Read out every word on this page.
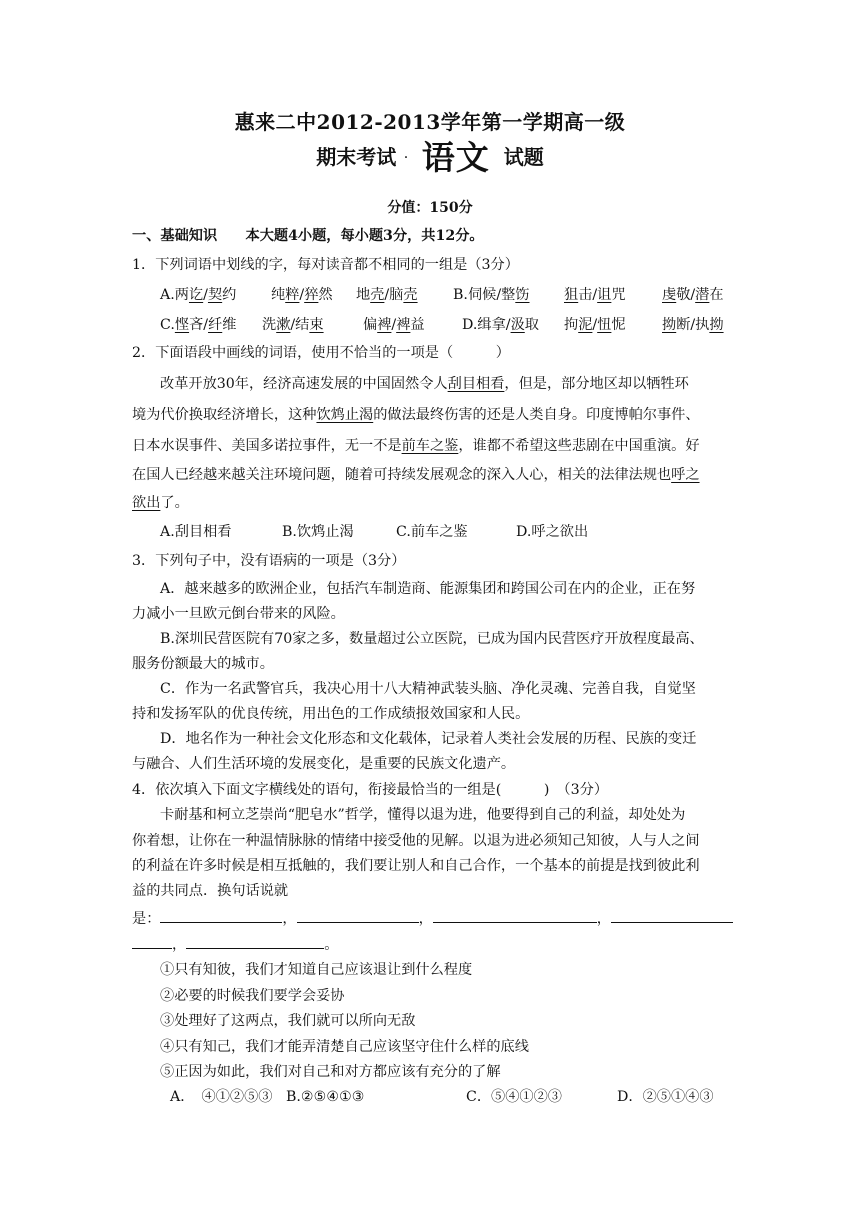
惠来二中2012-2013学年第一学期高一级
期末考试 . 语文 试题
分值：150分
一、基础知识　　本大题4小题，每小题3分，共12分。
1．下列词语中划线的字，每对读音都不相同的一组是（3分）
A.两讫/契约 纯粹/猝然 地壳/脑壳 B.伺候/整饬 狙击/诅咒	虔敬/潜在
C.悭吝/纤维 洗漱/结束	偏裨/裨益	D.缉拿/汲取 拘泥/忸怩	拗断/执拗
2．下面语段中画线的词语，使用不恰当的一项是（　　　）
改革开放30年，经济高速发展的中国固然令人刮目相看，但是，部分地区却以牺牲环
境为代价换取经济增长，这种饮鸩止渴的做法最终伤害的还是人类自身。印度博帕尔事件、
日本水误事件、美国多诺拉事件，无一不是前车之鉴，谁都不希望这些悲剧在中国重演。好
在国人已经越来越关注环境问题，随着可持续发展观念的深入人心，相关的法律法规也呼之
欲出了。
A.刮目相看	B.饮鸩止渴	C.前车之鉴	D.呼之欲出
3．下列句子中，没有语病的一项是（3分）
A．越来越多的欧洲企业，包括汽车制造商、能源集团和跨国公司在内的企业，正在努
力减小一旦欧元倒台带来的风险。
B.深圳民营医院有70家之多，数量超过公立医院，已成为国内民营医疗开放程度最高、
服务份额最大的城市。
C．作为一名武警官兵，我决心用十八大精神武装头脑、净化灵魂、完善自我，自觉坚
持和发扬军队的优良传统，用出色的工作成绩报效国家和人民。
D．地名作为一种社会文化形态和文化载体，记录着人类社会发展的历程、民族的变迁
与融合、人们生活环境的发展变化，是重要的民族文化遗产。
4．依次填入下面文字横线处的语句，衔接最恰当的一组是(　　　)　（3分）
卡耐基和柯立芝崇尚“肥皂水”哲学，懂得以退为进，他要得到自己的利益，却处处为
你着想，让你在一种温情脉脉的情绪中接受他的见解。以退为进必须知己知彼，人与人之间
的利益在许多时候是相互抵触的，我们要让别人和自己合作，一个基本的前提是找到彼此利
益的共同点．换句话说就
是：	，	，	，
，	。
①只有知彼，我们才知道自己应该退让到什么程度
②必要的时候我们要学会妥协
③处理好了这两点，我们就可以所向无敌
④只有知己，我们才能弄清楚自己应该坚守住什么样的底线
⑤正因为如此，我们对自己和对方都应该有充分的了解
A．　④①②⑤③ B.②⑤④①③	C．⑤④①②③	D．②⑤①④③
